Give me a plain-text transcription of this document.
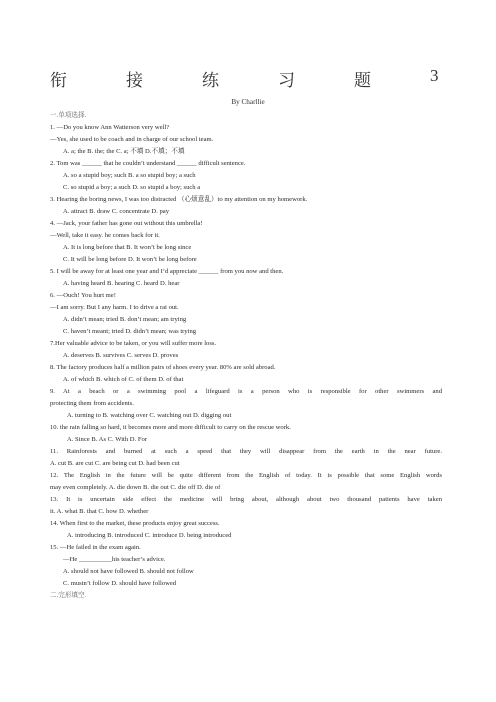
衔	接	练	习	题	3
By Charllie
一.单项选择.
1. —Do you know Ann Watterson very well?
—Yes, she used to be coach and in charge of our school team.
A. a; the B. the; the C. a; 不填 D.不填；不填
2. Tom was ______ that he couldn’t understand ______ difficult sentence.
A. so a stupid boy; such B. a so stupid boy; a such
C. so stupid a boy; a such D. so stupid a boy; such a
3. Hearing the boring news, I was too distracted （心烦意乱）to my attention on my homework.
A. attract B. draw C. concentrate D. pay
4. —Jack, your father has gone out without this umbrella!
—Well, take it easy. he comes back for it.
A. It is long before that B. It won’t be long since
C. It will be long before D. It won’t be long before
5. I will be away for at least one year and I’d appreciate ______ from you now and then.
A. having heard B. hearing C. heard D. hear
6. —Ouch! You hurt me!
—I am sorry. But I any harm. I to drive a rat out.
A. didn’t mean; tried B. don’t mean; am trying
C. haven’t meant; tried D. didn’t mean; was trying
7.Her valuable advice to be taken, or you will suffer more loss.
A. deserves B. survives C. serves D. proves
8. The factory produces half a million pairs of shoes every year. 80% are sold abroad.
A. of which B. which of C. of them D. of that
9. At a beach or a swimming pool a lifeguard is a person who is responsible for other swimmers and
protecting them from accidents.
A. turning to B. watching over C. watching out D. digging out
10. the rain falling so hard, it becomes more and more difficult to carry on the rescue work.
A. Since B. As C. With D. For
11. Rainforests and burned at such a speed that they will disappear from the earth in the near future.
A. cut B. are cut C. are being cut D. had been cut
12. The English in the future will be quite different from the English of today. It is possible that some English words
may even completely. A. die down B. die out C. die off D. die of
13. It is uncertain side effect the medicine will bring about, although about two thousand patients have taken
it. A. what B. that C. how D. whether
14. When first to the market, these products enjoy great success.
A. introducing B. introduced C. introduce D. being introduced
15. —He failed in the exam again.
—He __________his teacher’s advice.
A. should not have followed B. should not follow
C. mustn’t follow D. should have followed
二.完形填空.
